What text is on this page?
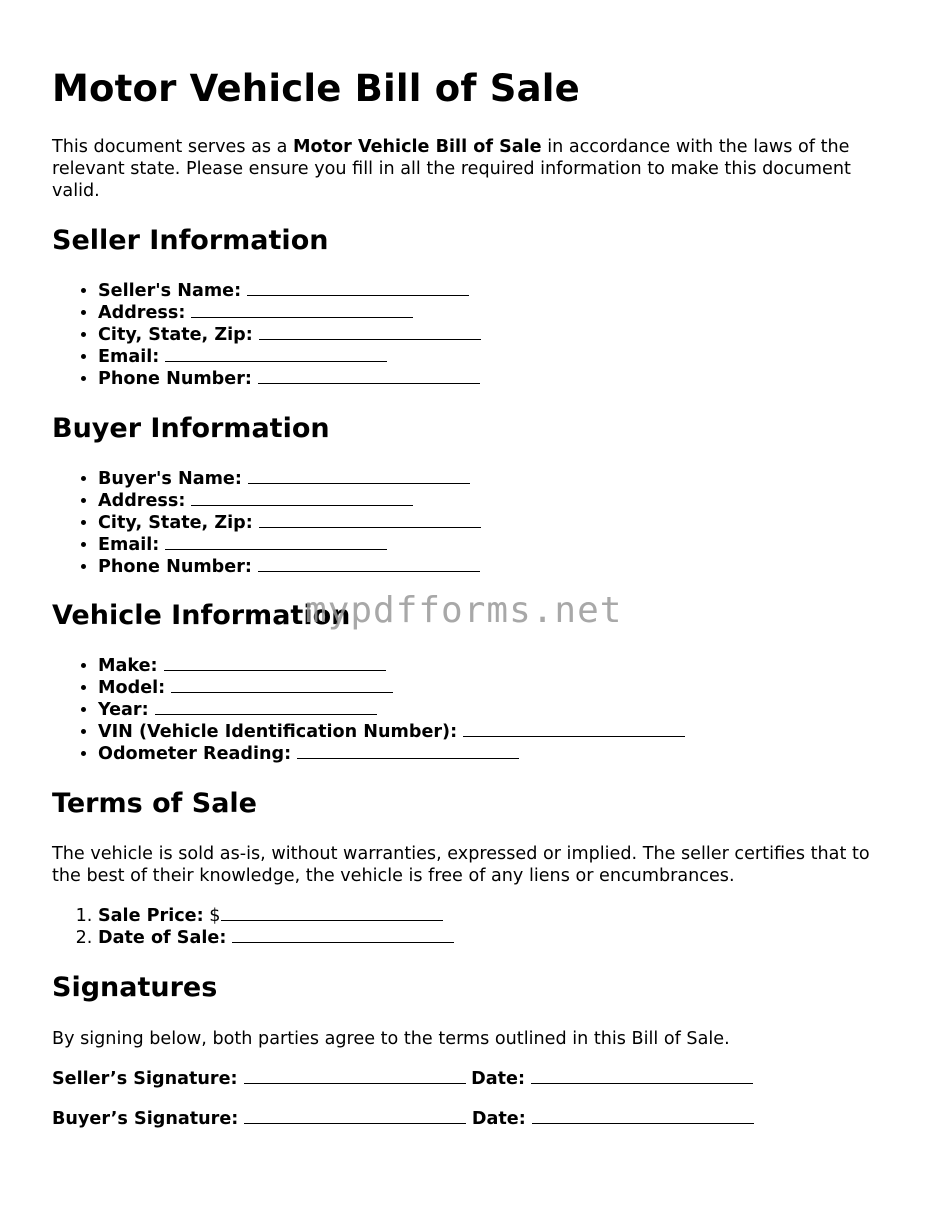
Motor Vehicle Bill of Sale

This document serves as a Motor Vehicle Bill of Sale in accordance with the laws of the relevant state. Please ensure you fill in all the required information to make this document valid.

Seller Information
• Seller's Name:
• Address:
• City, State, Zip:
• Email:
• Phone Number:
Buyer Information
• Buyer's Name:
• Address:
• City, State, Zip:
• Email:
• Phone Number:
Vehicle Information
• Make:
• Model:
• Year:
• VIN (Vehicle Identification Number):
• Odometer Reading:
Terms of Sale

The vehicle is sold as-is, without warranties, expressed or implied. The seller certifies that to the best of their knowledge, the vehicle is free of any liens or encumbrances.

1. Sale Price: $
2. Date of Sale:
Signatures

By signing below, both parties agree to the terms outlined in this Bill of Sale.

Seller’s Signature:	Date:
Buyer’s Signature:	Date:
mypdfforms.net
